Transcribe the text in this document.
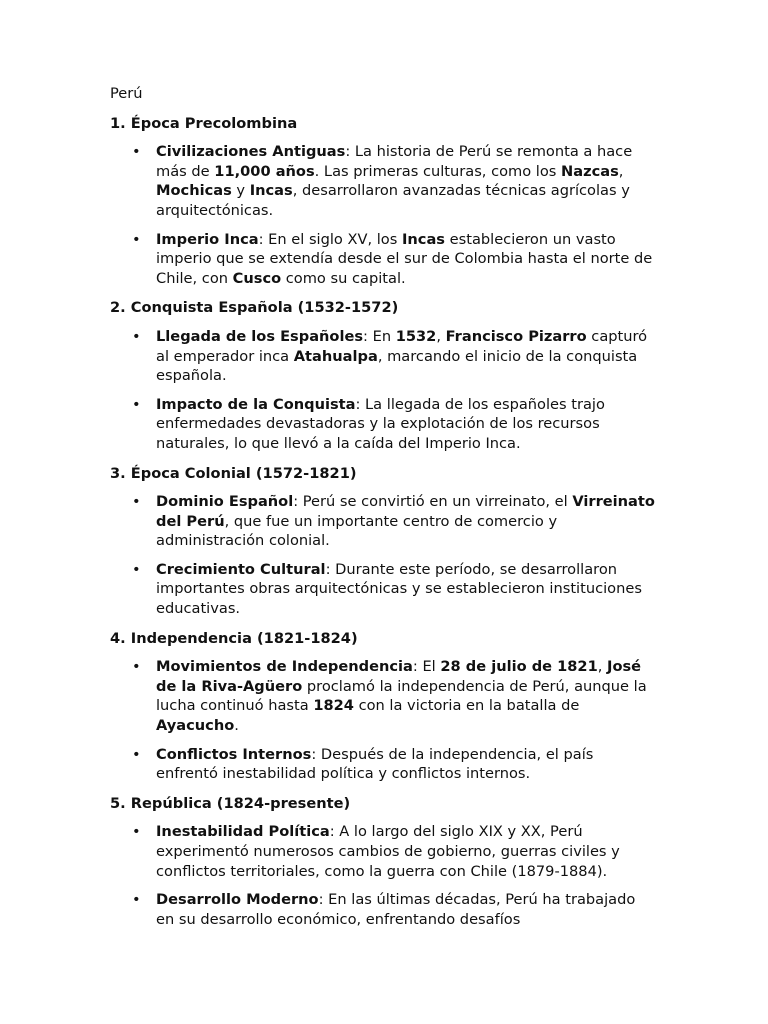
Perú
1. Época Precolombina
• Civilizaciones Antiguas: La historia de Perú se remonta a hace más de 11,000 años. Las primeras culturas, como los Nazcas, Mochicas y Incas, desarrollaron avanzadas técnicas agrícolas y arquitectónicas.
• Imperio Inca: En el siglo XV, los Incas establecieron un vasto imperio que se extendía desde el sur de Colombia hasta el norte de Chile, con Cusco como su capital.
2. Conquista Española (1532-1572)
• Llegada de los Españoles: En 1532, Francisco Pizarro capturó al emperador inca Atahualpa, marcando el inicio de la conquista española.
• Impacto de la Conquista: La llegada de los españoles trajo enfermedades devastadoras y la explotación de los recursos naturales, lo que llevó a la caída del Imperio Inca.
3. Época Colonial (1572-1821)
• Dominio Español: Perú se convirtió en un virreinato, el Virreinato del Perú, que fue un importante centro de comercio y administración colonial.
• Crecimiento Cultural: Durante este período, se desarrollaron importantes obras arquitectónicas y se establecieron instituciones educativas.
4. Independencia (1821-1824)
• Movimientos de Independencia: El 28 de julio de 1821, José de la Riva-Agüero proclamó la independencia de Perú, aunque la lucha continuó hasta 1824 con la victoria en la batalla de Ayacucho.
• Conflictos Internos: Después de la independencia, el país enfrentó inestabilidad política y conflictos internos.
5. República (1824-presente)
• Inestabilidad Política: A lo largo del siglo XIX y XX, Perú experimentó numerosos cambios de gobierno, guerras civiles y conflictos territoriales, como la guerra con Chile (1879-1884).
• Desarrollo Moderno: En las últimas décadas, Perú ha trabajado en su desarrollo económico, enfrentando desafíos
